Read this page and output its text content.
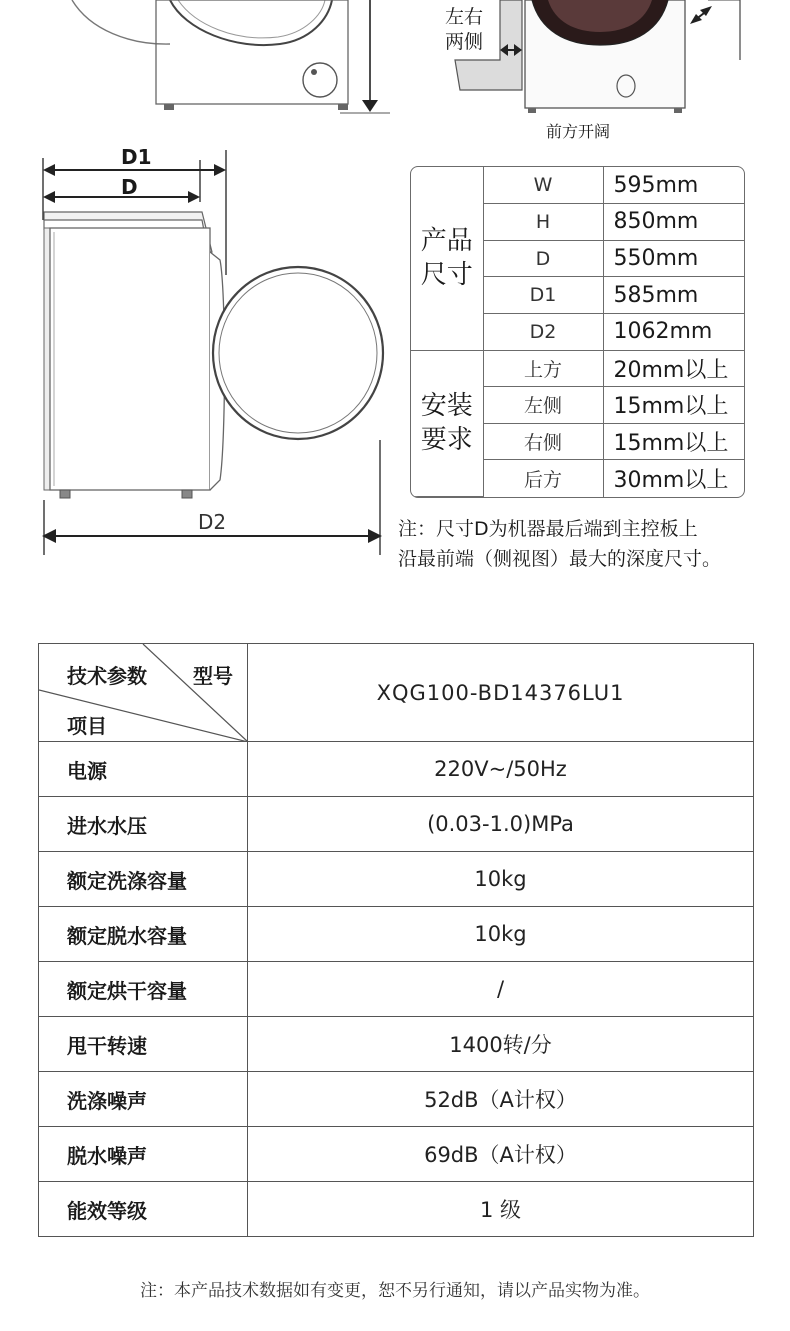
左右
两侧
前方开阔
D1
D
D2
产品
尺寸	W	595mm
	H	850mm
	D	550mm
	D1	585mm
	D2	1062mm
安装
要求	上方	20mm以上
	左侧	15mm以上
	右侧	15mm以上
	后方	30mm以上
注：尺寸D为机器最后端到主控板上
沿最前端（侧视图）最大的深度尺寸。
技术参数 型号
项目	XQG100-BD14376LU1
电源	220V~/50Hz
进水水压	(0.03-1.0)MPa
额定洗涤容量	10kg
额定脱水容量	10kg
额定烘干容量	/
甩干转速	1400转/分
洗涤噪声	52dB（A计权）
脱水噪声	69dB（A计权）
能效等级	1 级
注：本产品技术数据如有变更，恕不另行通知，请以产品实物为准。
